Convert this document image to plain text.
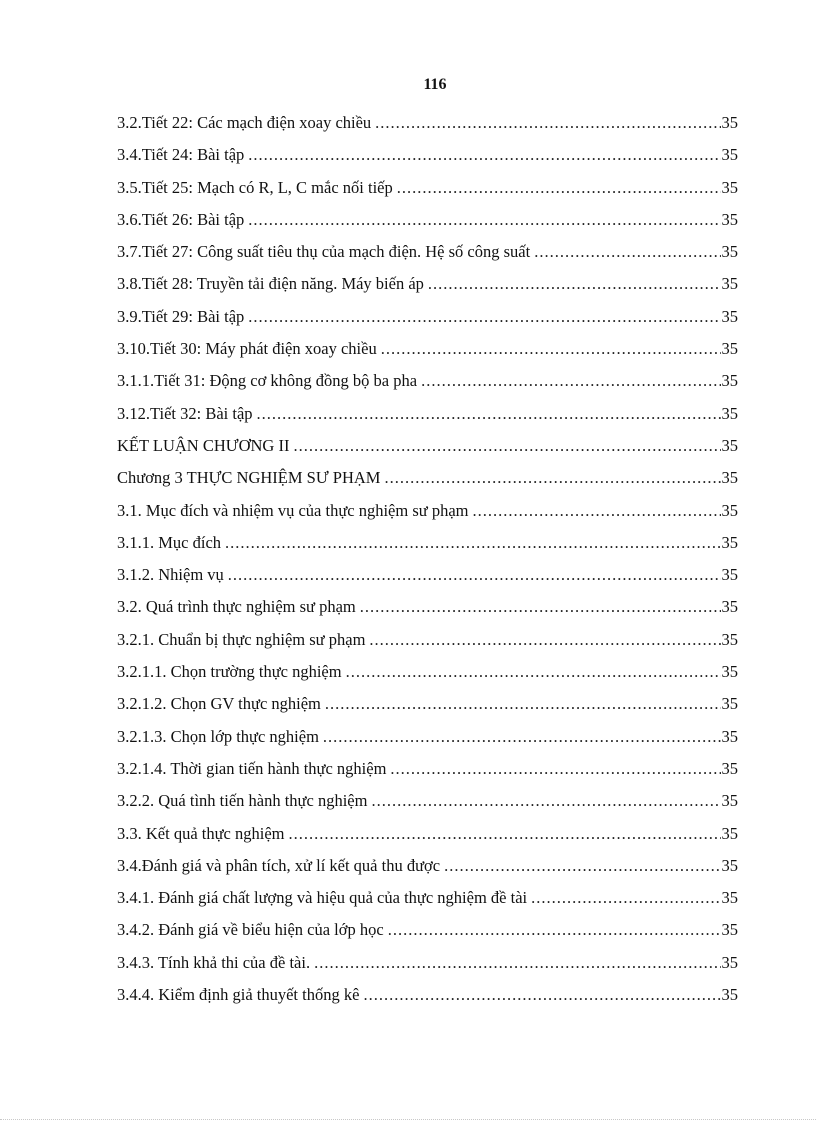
116
3.2.Tiết 22: Các mạch điện xoay chiều .....	35
3.4.Tiết 24: Bài tập .....	35
3.5.Tiết 25: Mạch có R, L, C mắc nối tiếp .....	35
3.6.Tiết 26: Bài tập .....	35
3.7.Tiết 27: Công suất tiêu thụ của mạch điện. Hệ số công suất .....	35
3.8.Tiết 28: Truyền tải điện năng. Máy biến áp .....	35
3.9.Tiết 29: Bài tập .....	35
3.10.Tiết 30: Máy phát điện xoay chiều .....	35
3.1.1.Tiết 31: Động cơ không đồng bộ ba pha .....	35
3.12.Tiết 32: Bài tập .....	35
KẾT LUẬN CHƯƠNG II .....	35
Chương 3 THỰC NGHIỆM SƯ PHẠM .....	35
3.1. Mục đích và nhiệm vụ của thực nghiệm sư phạm .....	35
3.1.1. Mục đích .....	35
3.1.2. Nhiệm vụ .....	35
3.2. Quá trình thực nghiệm sư phạm .....	35
3.2.1. Chuẩn bị thực nghiệm sư phạm .....	35
3.2.1.1. Chọn trường thực nghiệm .....	35
3.2.1.2. Chọn GV thực nghiệm .....	35
3.2.1.3. Chọn lớp thực nghiệm .....	35
3.2.1.4. Thời gian tiến hành thực nghiệm .....	35
3.2.2. Quá tình tiến hành thực nghiệm .....	35
3.3. Kết quả thực nghiệm .....	35
3.4.Đánh giá và phân tích, xử lí kết quả thu được .....	35
3.4.1. Đánh giá chất lượng và hiệu quả của thực nghiệm đề tài .....	35
3.4.2. Đánh giá về biểu hiện của lớp học .....	35
3.4.3. Tính khả thi của đề tài. .....	35
3.4.4. Kiểm định giả thuyết thống kê .....	35
